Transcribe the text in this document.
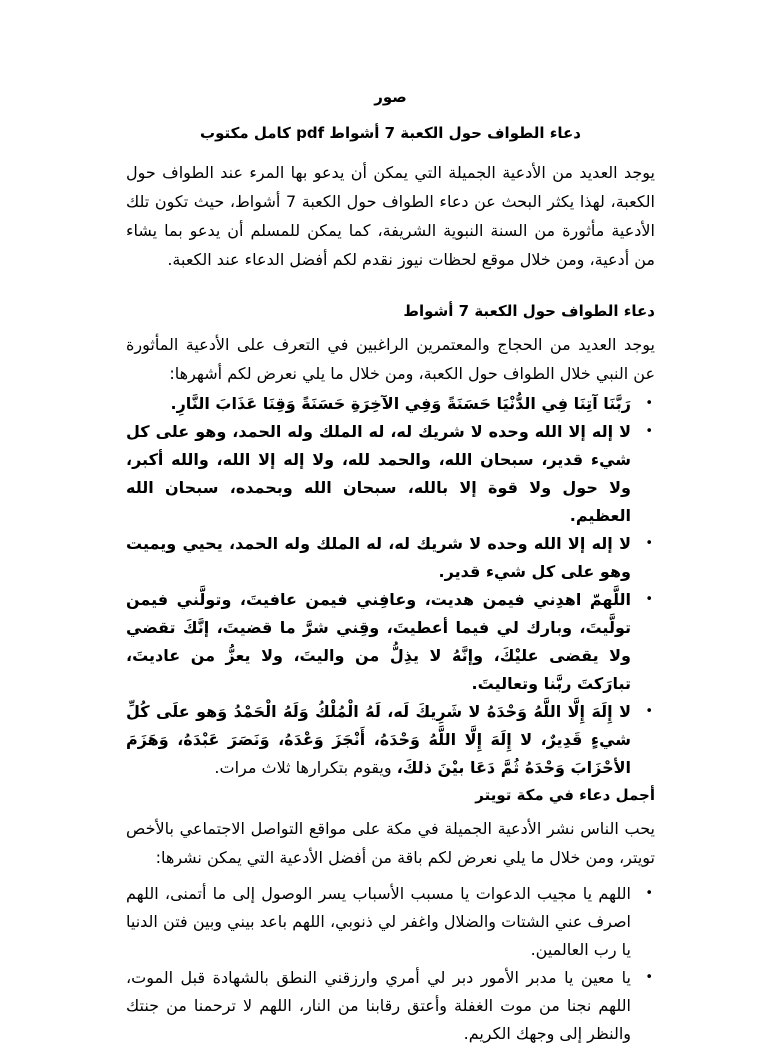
صور

دعاء الطواف حول الكعبة 7 أشواط pdf كامل مكتوب

يوجد العديد من الأدعية الجميلة التي يمكن أن يدعو بها المرء عند الطواف حول الكعبة، لهذا يكثر البحث عن دعاء الطواف حول الكعبة 7 أشواط، حيث تكون تلك الأدعية مأثورة من السنة النبوية الشريفة، كما يمكن للمسلم أن يدعو بما يشاء من أدعية، ومن خلال موقع لحظات نيوز نقدم لكم أفضل الدعاء عند الكعبة.

دعاء الطواف حول الكعبة 7 أشواط

يوجد العديد من الحجاج والمعتمرين الراغبين في التعرف على الأدعية المأثورة عن النبي خلال الطواف حول الكعبة، ومن خلال ما يلي نعرض لكم أشهرها:

•
رَبَّنَا آتِنَا فِي الدُّنْيَا حَسَنَةً وَفِي الآخِرَةِ حَسَنَةً وَقِنَا عَذَابَ النَّارِ.
•
لا إله إلا الله وحده لا شريك له، له الملك وله الحمد، وهو على كل شيء قدير، سبحان الله، والحمد لله، ولا إله إلا الله، والله أكبر، ولا حول ولا قوة إلا بالله، سبحان الله وبحمده، سبحان الله العظيم.
•
لا إله إلا الله وحده لا شريك له، له الملك وله الحمد، يحيي ويميت وهو على كل شيء قدير.
•
اللَّهمّ اهدِني فيمن هديت، وعافِني فيمن عافيتَ، وتولَّني فيمن تولَّيتَ، وبارك لي فيما أعطيتَ، وقِني شرَّ ما قضيتَ، إنَّكَ تقضي ولا يقضى عليْكَ، وإنَّهُ لا يذِلُّ من واليتَ، ولا يعزُّ من عاديتَ، تبارَكتَ ربَّنا وتعاليتَ.
•
لا إِلَهَ إِلَّا اللَّهُ وَحْدَهُ لا شَرِيكَ لَه، لَهُ الْمُلْكُ وَلَهُ الْحَمْدُ وَهو علَى كُلِّ شيءٍ قَدِيرٌ، لا إِلَهَ إِلَّا اللَّهُ وَحْدَهُ، أَنْجَزَ وَعْدَهُ، وَنَصَرَ عَبْدَهُ، وَهَزَمَ الأحْزَابَ وَحْدَهُ ثُمَّ دَعَا بيْنَ ذلكَ، ويقوم بتكرارها ثلاث مرات.

أجمل دعاء في مكة تويتر

يحب الناس نشر الأدعية الجميلة في مكة على مواقع التواصل الاجتماعي بالأخص تويتر، ومن خلال ما يلي نعرض لكم باقة من أفضل الأدعية التي يمكن نشرها:

•
اللهم يا مجيب الدعوات يا مسبب الأسباب يسر الوصول إلى ما أتمنى، اللهم اصرف عني الشتات والضلال واغفر لي ذنوبي، اللهم باعد بيني وبين فتن الدنيا يا رب العالمين.
•
يا معين يا مدبر الأمور دبر لي أمري وارزقني النطق بالشهادة قبل الموت، اللهم نجنا من موت الغفلة وأعتق رقابنا من النار، اللهم لا ترحمنا من جنتك والنظر إلى وجهك الكريم.
